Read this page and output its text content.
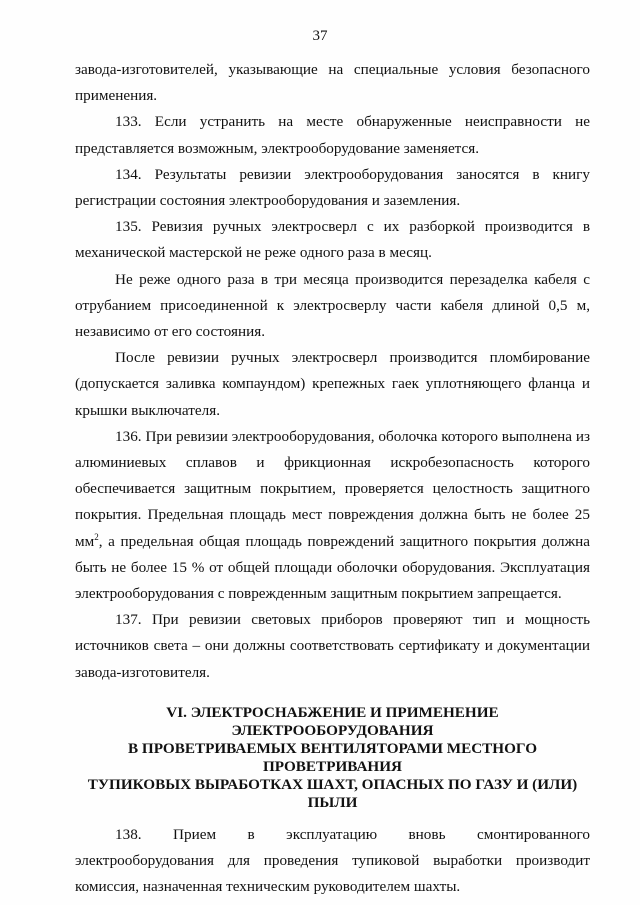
37

завода-изготовителей, указывающие на специальные условия безопасного применения.

133. Если устранить на месте обнаруженные неисправности не представляется возможным, электрооборудование заменяется.

134. Результаты ревизии электрооборудования заносятся в книгу регистрации состояния электрооборудования и заземления.

135. Ревизия ручных электросверл с их разборкой производится в механической мастерской не реже одного раза в месяц.

Не реже одного раза в три месяца производится перезаделка кабеля с отрубанием присоединенной к электросверлу части кабеля длиной 0,5 м, независимо от его состояния.

После ревизии ручных электросверл производится пломбирование (допускается заливка компаундом) крепежных гаек уплотняющего фланца и крышки выключателя.

136. При ревизии электрооборудования, оболочка которого выполнена из алюминиевых сплавов и фрикционная искробезопасность которого обеспечивается защитным покрытием, проверяется целостность защитного покрытия. Предельная площадь мест повреждения должна быть не более 25 $мм^2$, а предельная общая площадь повреждений защитного покрытия должна быть не более 15 % от общей площади оболочки оборудования. Эксплуатация электрооборудования с поврежденным защитным покрытием запрещается.

137. При ревизии световых приборов проверяют тип и мощность источников света – они должны соответствовать сертификату и документации завода-изготовителя.

VI. ЭЛЕКТРОСНАБЖЕНИЕ И ПРИМЕНЕНИЕ ЭЛЕКТРООБОРУДОВАНИЯ
В ПРОВЕТРИВАЕМЫХ ВЕНТИЛЯТОРАМИ МЕСТНОГО ПРОВЕТРИВАНИЯ
ТУПИКОВЫХ ВЫРАБОТКАХ ШАХТ, ОПАСНЫХ ПО ГАЗУ И (ИЛИ) ПЫЛИ

138. Прием в эксплуатацию вновь смонтированного электрооборудования для проведения тупиковой выработки производит комиссия, назначенная техническим руководителем шахты.
